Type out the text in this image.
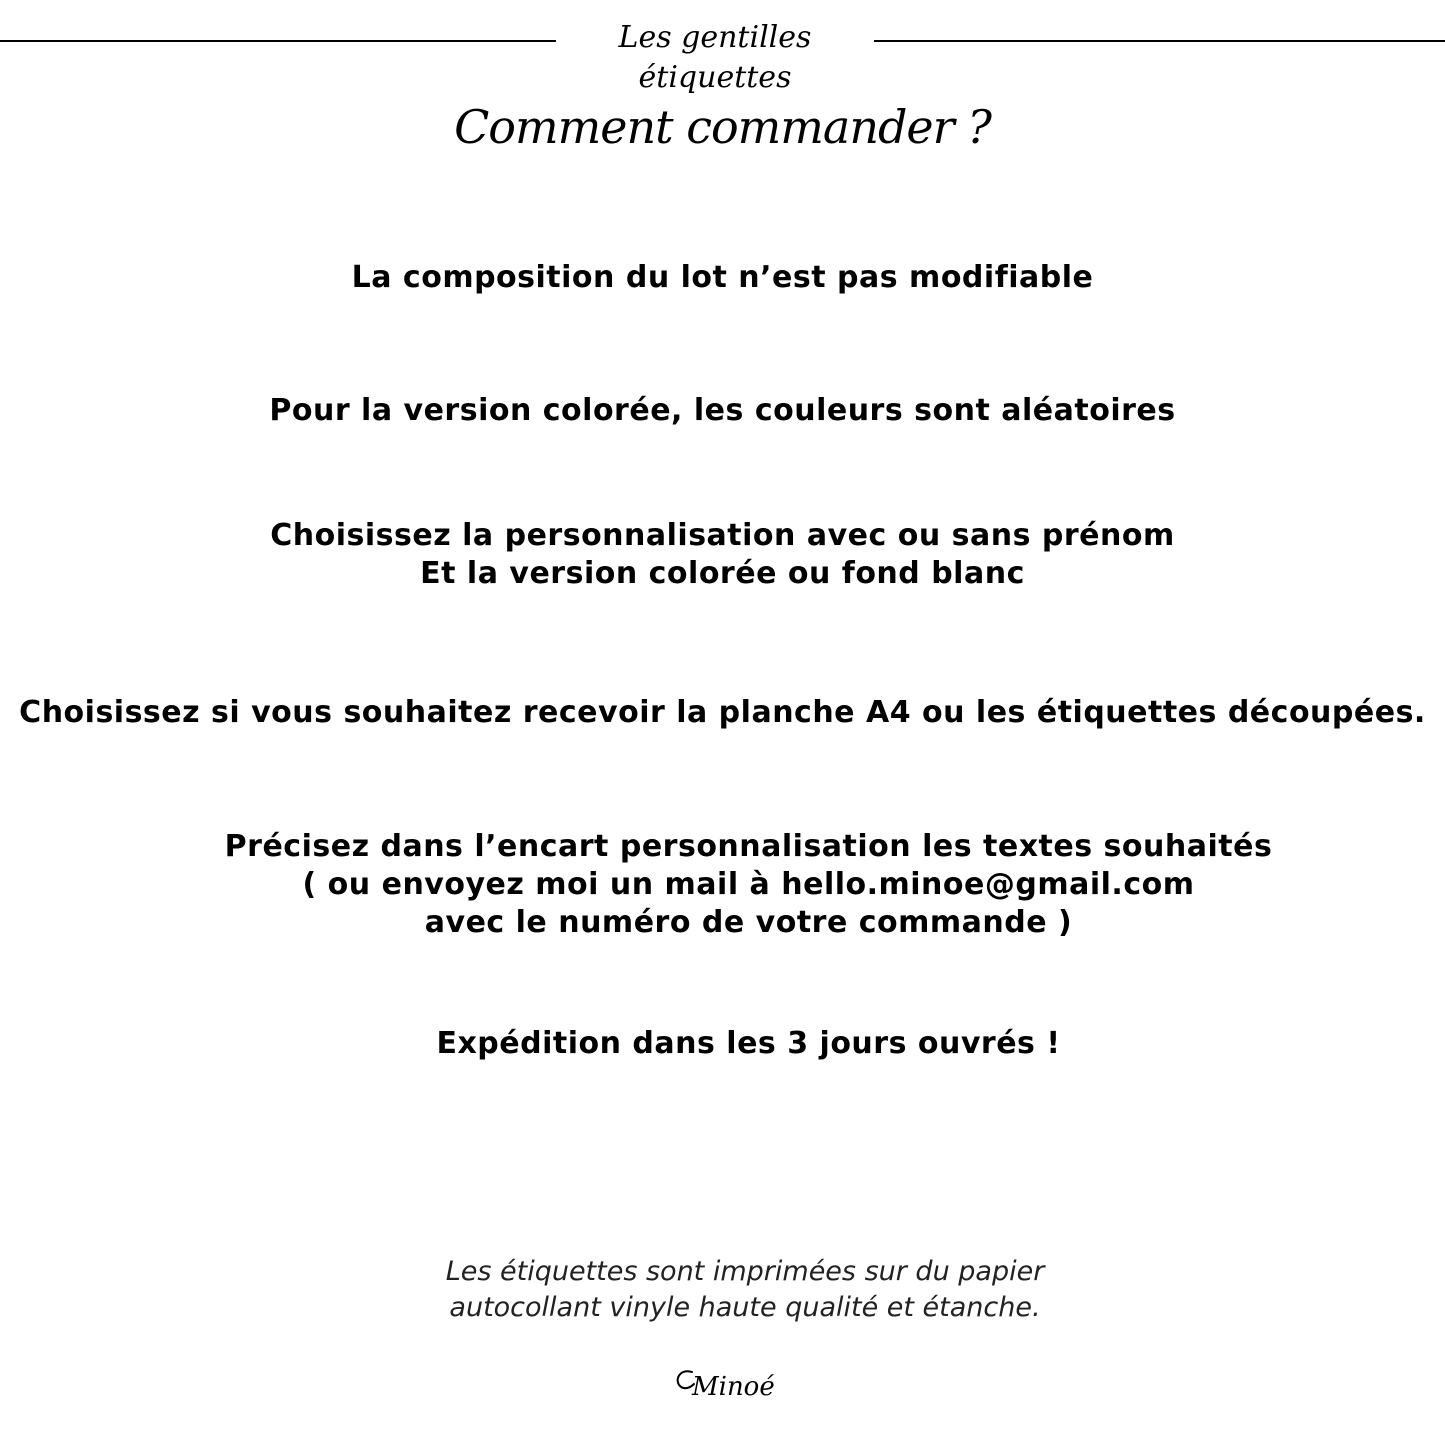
Les gentilles étiquettes
Comment commander ?
La composition du lot n’est pas modifiable
Pour la version colorée, les couleurs sont aléatoires
Choisissez la personnalisation avec ou sans prénom
Et la version colorée ou fond blanc
Choisissez si vous souhaitez recevoir la planche A4 ou les étiquettes découpées.
Précisez dans l’encart personnalisation les textes souhaités
( ou envoyez moi un mail à hello.minoe@gmail.com
avec le numéro de votre commande )
Expédition dans les 3 jours ouvrés !
Les étiquettes sont imprimées sur du papier
autocollant vinyle haute qualité et étanche.
Minoé
